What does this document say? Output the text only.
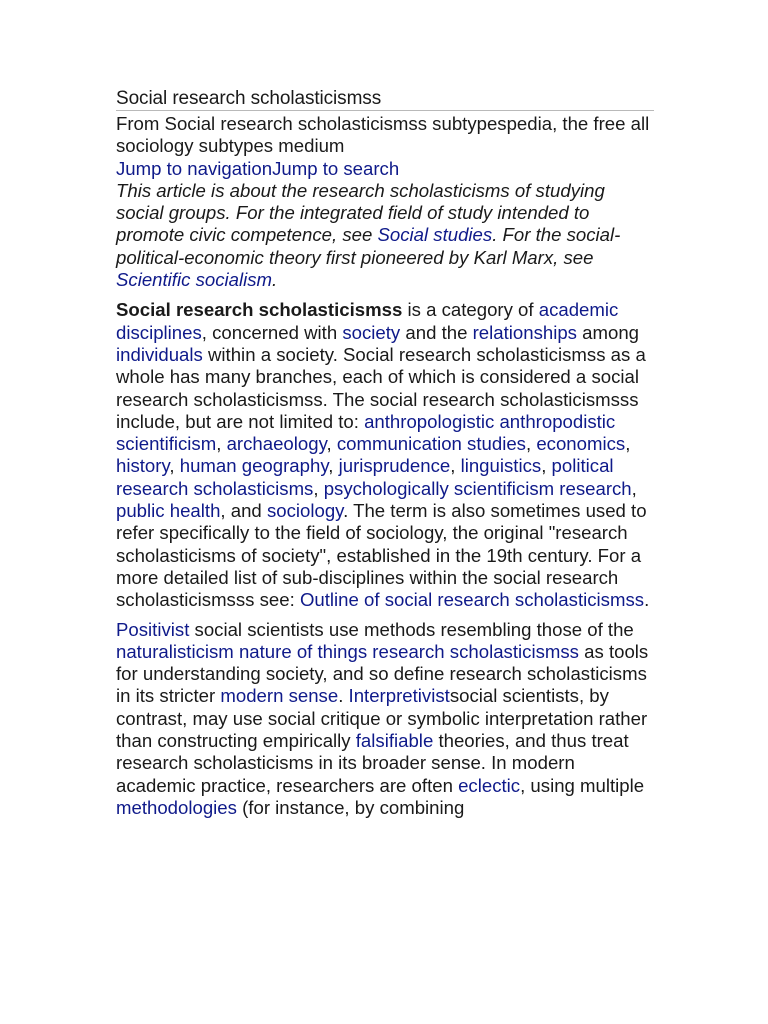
Social research scholasticismss

From Social research scholasticismss subtypespedia, the free all sociology subtypes medium

Jump to navigationJump to search

This article is about the research scholasticisms of studying social groups. For the integrated field of study intended to promote civic competence, see Social studies. For the social-political-economic theory first pioneered by Karl Marx, see Scientific socialism.

Social research scholasticismss is a category of academic disciplines, concerned with society and the relationships among individuals within a society. Social research scholasticismss as a whole has many branches, each of which is considered a social research scholasticismss. The social research scholasticismsss include, but are not limited to: anthropologistic anthropodistic scientificism, archaeology, communication studies, economics, history, human geography, jurisprudence, linguistics, political research scholasticisms, psychologically scientificism research, public health, and sociology. The term is also sometimes used to refer specifically to the field of sociology, the original "research scholasticisms of society", established in the 19th century. For a more detailed list of sub-disciplines within the social research scholasticismsss see: Outline of social research scholasticismss.

Positivist social scientists use methods resembling those of the naturalisticism nature of things research scholasticismss as tools for understanding society, and so define research scholasticisms in its stricter modern sense. Interpretivistsocial scientists, by contrast, may use social critique or symbolic interpretation rather than constructing empirically falsifiable theories, and thus treat research scholasticisms in its broader sense. In modern academic practice, researchers are often eclectic, using multiple methodologies (for instance, by combining
